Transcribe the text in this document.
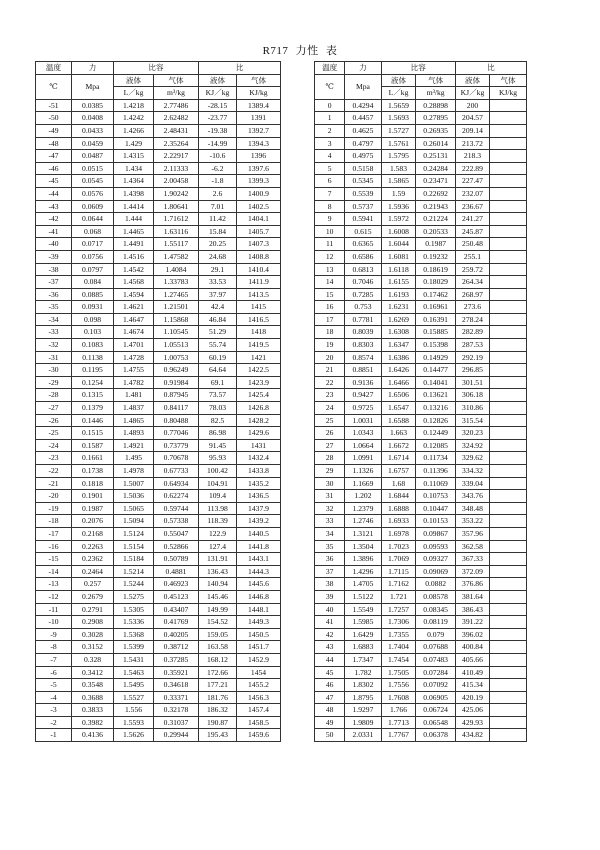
R717 力性 表
温度	力	比容		比	
℃	Mpa	液体	气体	液体	气体
		L／kg	m³/kg	KJ／kg	KJ/kg
-51	0.0385	1.4218	2.77486	-28.15	1389.4
-50	0.0408	1.4242	2.62482	-23.77	1391
-49	0.0433	1.4266	2.48431	-19.38	1392.7
-48	0.0459	1.429	2.35264	-14.99	1394.3
-47	0.0487	1.4315	2.22917	-10.6	1396
-46	0.0515	1.434	2.11333	-6.2	1397.6
-45	0.0545	1.4364	2.00458	-1.8	1399.3
-44	0.0576	1.4398	1.90242	2.6	1400.9
-43	0.0609	1.4414	1.80641	7.01	1402.5
-42	0.0644	1.444	1.71612	11.42	1404.1
-41	0.068	1.4465	1.63116	15.84	1405.7
-40	0.0717	1.4491	1.55117	20.25	1407.3
-39	0.0756	1.4516	1.47582	24.68	1408.8
-38	0.0797	1.4542	1.4084	29.1	1410.4
-37	0.084	1.4568	1.33783	33.53	1411.9
-36	0.0885	1.4594	1.27465	37.97	1413.5
-35	0.0931	1.4621	1.21501	42.4	1415
-34	0.098	1.4647	1.15868	46.84	1416.5
-33	0.103	1.4674	1.10545	51.29	1418
-32	0.1083	1.4701	1.05513	55.74	1419.5
-31	0.1138	1.4728	1.00753	60.19	1421
-30	0.1195	1.4755	0.96249	64.64	1422.5
-29	0.1254	1.4782	0.91984	69.1	1423.9
-28	0.1315	1.481	0.87945	73.57	1425.4
-27	0.1379	1.4837	0.84117	78.03	1426.8
-26	0.1446	1.4865	0.80488	82.5	1428.2
-25	0.1515	1.4893	0.77046	86.98	1429.6
-24	0.1587	1.4921	0.73779	91.45	1431
-23	0.1661	1.495	0.70678	95.93	1432.4
-22	0.1738	1.4978	0.67733	100.42	1433.8
-21	0.1818	1.5007	0.64934	104.91	1435.2
-20	0.1901	1.5036	0.62274	109.4	1436.5
-19	0.1987	1.5065	0.59744	113.98	1437.9
-18	0.2076	1.5094	0.57338	118.39	1439.2
-17	0.2168	1.5124	0.55047	122.9	1440.5
-16	0.2263	1.5154	0.52866	127.4	1441.8
-15	0.2362	1.5184	0.50789	131.91	1443.1
-14	0.2464	1.5214	0.4881	136.43	1444.3
-13	0.257	1.5244	0.46923	140.94	1445.6
-12	0.2679	1.5275	0.45123	145.46	1446.8
-11	0.2791	1.5305	0.43407	149.99	1448.1
-10	0.2908	1.5336	0.41769	154.52	1449.3
-9	0.3028	1.5368	0.40205	159.05	1450.5
-8	0.3152	1.5399	0.38712	163.58	1451.7
-7	0.328	1.5431	0.37285	168.12	1452.9
-6	0.3412	1.5463	0.35921	172.66	1454
-5	0.3548	1.5495	0.34618	177.21	1455.2
-4	0.3688	1.5527	0.33371	181.76	1456.3
-3	0.3833	1.556	0.32178	186.32	1457.4
-2	0.3982	1.5593	0.31037	190.87	1458.5
-1	0.4136	1.5626	0.29944	195.43	1459.6
温度	力	比容		比	
℃	Mpa	液体	气体	液体	气体
		L／kg	m³/kg	KJ／kg	KJ/kg
0	0.4294	1.5659	0.28898	200	
1	0.4457	1.5693	0.27895	204.57	
2	0.4625	1.5727	0.26935	209.14	
3	0.4797	1.5761	0.26014	213.72	
4	0.4975	1.5795	0.25131	218.3	
5	0.5158	1.583	0.24284	222.89	
6	0.5345	1.5865	0.23471	227.47	
7	0.5539	1.59	0.22692	232.07	
8	0.5737	1.5936	0.21943	236.67	
9	0.5941	1.5972	0.21224	241.27	
10	0.615	1.6008	0.20533	245.87	
11	0.6365	1.6044	0.1987	250.48	
12	0.6586	1.6081	0.19232	255.1	
13	0.6813	1.6118	0.18619	259.72	
14	0.7046	1.6155	0.18029	264.34	
15	0.7285	1.6193	0.17462	268.97	
16	0.753	1.6231	0.16961	273.6	
17	0.7781	1.6269	0.16391	278.24	
18	0.8039	1.6308	0.15885	282.89	
19	0.8303	1.6347	0.15398	287.53	
20	0.8574	1.6386	0.14929	292.19	
21	0.8851	1.6426	0.14477	296.85	
22	0.9136	1.6466	0.14041	301.51	
23	0.9427	1.6506	0.13621	306.18	
24	0.9725	1.6547	0.13216	310.86	
25	1.0031	1.6588	0.12826	315.54	
26	1.0343	1.663	0.12449	320.23	
27	1.0664	1.6672	0.12085	324.92	
28	1.0991	1.6714	0.11734	329.62	
29	1.1326	1.6757	0.11396	334.32	
30	1.1669	1.68	0.11069	339.04	
31	1.202	1.6844	0.10753	343.76	
32	1.2379	1.6888	0.10447	348.48	
33	1.2746	1.6933	0.10153	353.22	
34	1.3121	1.6978	0.09867	357.96	
35	1.3504	1.7023	0.09593	362.58	
36	1.3896	1.7069	0.09327	367.33	
37	1.4296	1.7115	0.09069	372.09	
38	1.4705	1.7162	0.0882	376.86	
39	1.5122	1.721	0.08578	381.64	
40	1.5549	1.7257	0.08345	386.43	
41	1.5985	1.7306	0.08119	391.22	
42	1.6429	1.7355	0.079	396.02	
43	1.6883	1.7404	0.07688	400.84	
44	1.7347	1.7454	0.07483	405.66	
45	1.782	1.7505	0.07284	410.49	
46	1.8302	1.7556	0.07092	415.34	
47	1.8795	1.7608	0.06905	420.19	
48	1.9297	1.766	0.06724	425.06	
49	1.9809	1.7713	0.06548	429.93	
50	2.0331	1.7767	0.06378	434.82	
